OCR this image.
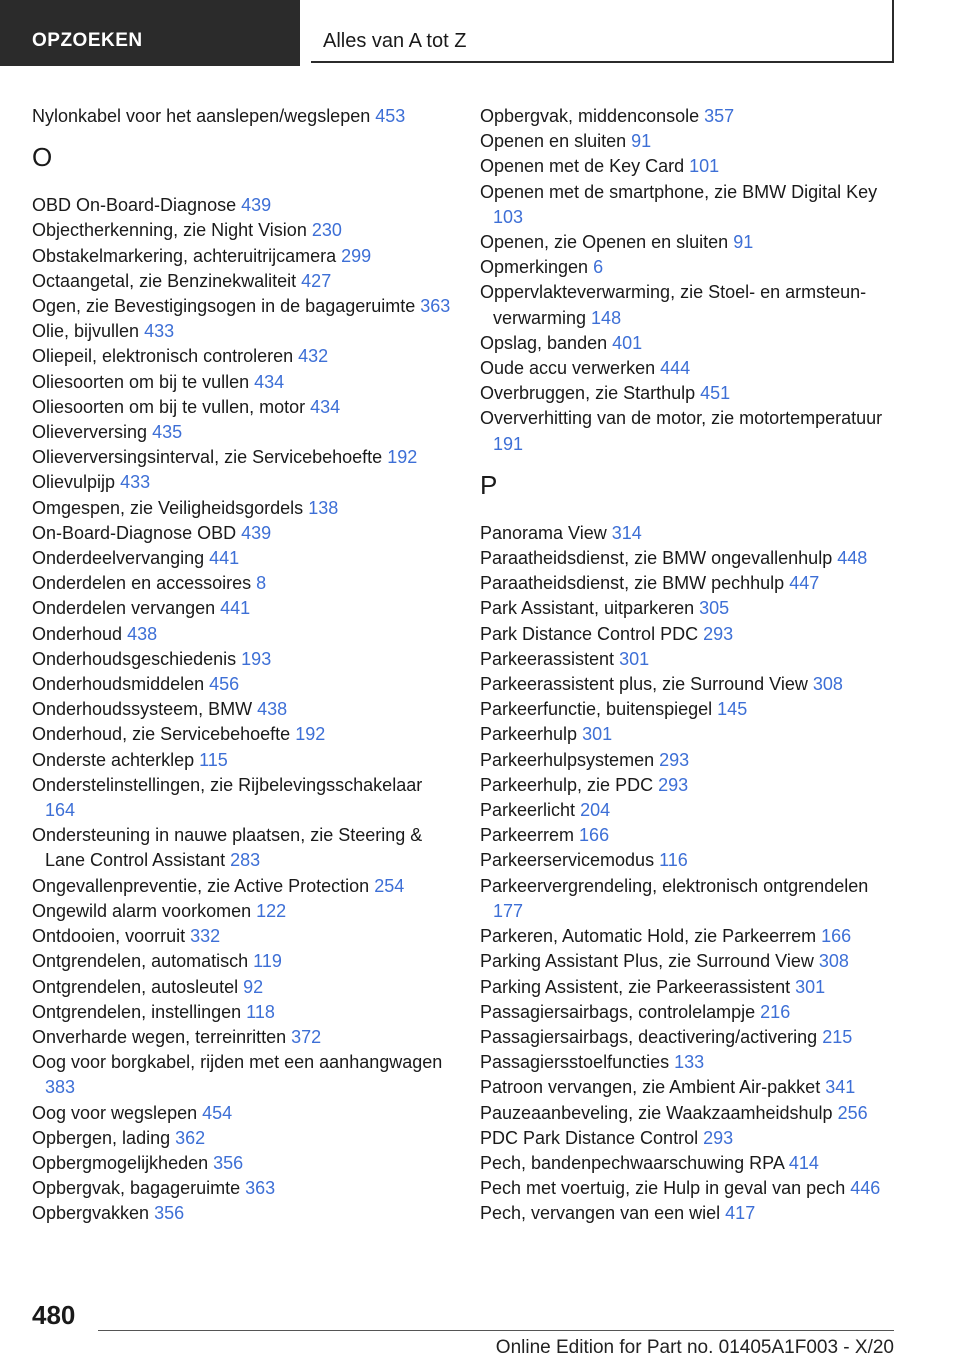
OPZOEKEN	Alles van A tot Z
Nylonkabel voor het aanslepen/wegslepen 453
O
OBD On-Board-Diagnose 439
Objectherkenning, zie Night Vision 230
Obstakelmarkering, achteruitrijcamera 299
Octaangetal, zie Benzinekwaliteit 427
Ogen, zie Bevestigingsogen in de bagageruimte 363
Olie, bijvullen 433
Oliepeil, elektronisch controleren 432
Oliesoorten om bij te vullen 434
Oliesoorten om bij te vullen, motor 434
Olieverversing 435
Olieverversingsinterval, zie Servicebehoefte 192
Olievulpijp 433
Omgespen, zie Veiligheidsgordels 138
On-Board-Diagnose OBD 439
Onderdeelvervanging 441
Onderdelen en accessoires 8
Onderdelen vervangen 441
Onderhoud 438
Onderhoudsgeschiedenis 193
Onderhoudsmiddelen 456
Onderhoudssysteem, BMW 438
Onderhoud, zie Servicebehoefte 192
Onderste achterklep 115
Onderstelinstellingen, zie Rijbelevingsschakelaar 164
Ondersteuning in nauwe plaatsen, zie Steering & Lane Control Assistant 283
Ongevallenpreventie, zie Active Protection 254
Ongewild alarm voorkomen 122
Ontdooien, voorruit 332
Ontgrendelen, automatisch 119
Ontgrendelen, autosleutel 92
Ontgrendelen, instellingen 118
Onverharde wegen, terreinritten 372
Oog voor borgkabel, rijden met een aanhangwagen 383
Oog voor wegslepen 454
Opbergen, lading 362
Opbergmogelijkheden 356
Opbergvak, bagageruimte 363
Opbergvakken 356
Opbergvak, middenconsole 357
Openen en sluiten 91
Openen met de Key Card 101
Openen met de smartphone, zie BMW Digital Key 103
Openen, zie Openen en sluiten 91
Opmerkingen 6
Oppervlakteverwarming, zie Stoel- en armsteunverwarming 148
Opslag, banden 401
Oude accu verwerken 444
Overbruggen, zie Starthulp 451
Oververhitting van de motor, zie motortemperatuur 191
P
Panorama View 314
Paraatheidsdienst, zie BMW ongevallenhulp 448
Paraatheidsdienst, zie BMW pechhulp 447
Park Assistant, uitparkeren 305
Park Distance Control PDC 293
Parkeerassistent 301
Parkeerassistent plus, zie Surround View 308
Parkeerfunctie, buitenspiegel 145
Parkeerhulp 301
Parkeerhulpsystemen 293
Parkeerhulp, zie PDC 293
Parkeerlicht 204
Parkeerrem 166
Parkeerservicemodus 116
Parkeervergrendeling, elektronisch ontgrendelen 177
Parkeren, Automatic Hold, zie Parkeerrem 166
Parking Assistant Plus, zie Surround View 308
Parking Assistent, zie Parkeerassistent 301
Passagiersairbags, controlelampje 216
Passagiersairbags, deactivering/activering 215
Passagiersstoelfuncties 133
Patroon vervangen, zie Ambient Air-pakket 341
Pauzeaanbeveling, zie Waakzaamheidshulp 256
PDC Park Distance Control 293
Pech, bandenpechwaarschuwing RPA 414
Pech met voertuig, zie Hulp in geval van pech 446
Pech, vervangen van een wiel 417
480
Online Edition for Part no. 01405A1F003 - X/20
